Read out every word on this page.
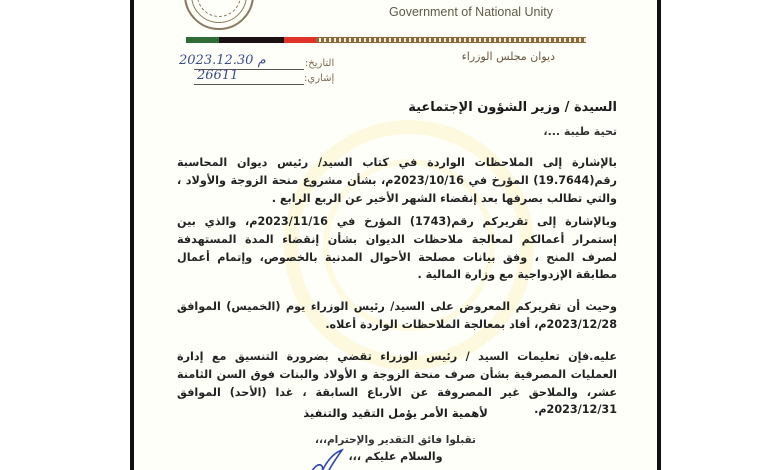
Government of National Unity
ديوان مجلس الوزراء
التاريخ:
إشاري:
2023.12.30 م
26611
السيدة / وزير الشؤون الإجتماعية
تحية طيبة ...،
بالإشارة إلى الملاحظات الواردة في كتاب السيد/ رئيس ديوان المحاسبة رقم(19.7644) المؤرخ في 2023/10/16م، بشأن مشروع منحة الزوجة والأولاد ، والتي تطالب بصرفها بعد إنقضاء الشهر الأخير عن الربع الرابع .
وبالإشارة إلى تقريركم رقم(1743) المؤرخ في 2023/11/16م، والذي بين إستمرار أعمالكم لمعالجة ملاحظات الديوان بشأن إنقضاء المدة المستهدفة لصرف المنح ، وفق بيانات مصلحة الأحوال المدنية بالخصوص، وإتمام أعمال مطابقة الإزدواجية مع وزارة المالية .
وحيث أن تقريركم المعروض على السيد/ رئيس الوزراء يوم (الخميس) الموافق 2023/12/28م، أفاد بمعالجة الملاحظات الواردة أعلاه.
عليه.فإن تعليمات السيد / رئيس الوزراء تقضي بضرورة التنسيق مع إدارة العمليات المصرفية بشأن صرف منحة الزوجة و الأولاد والبنات فوق السن الثامنة عشر، والملاحق غير المصروفة عن الأرباع السابقة ، غدا (الأحد) الموافق 2023/12/31م.
لأهمية الأمر يؤمل التقيد والتنفيذ
تقبلوا فائق التقدير والإحترام،،،
والسلام عليكم ،،،
